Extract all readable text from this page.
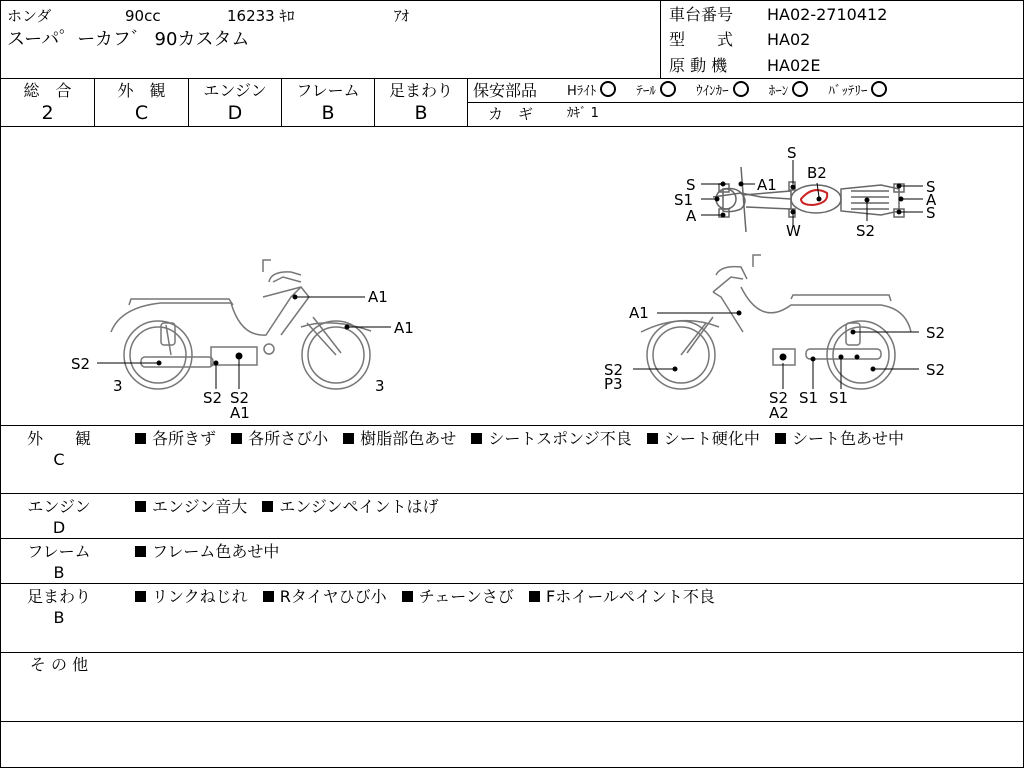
ホンダ	90cc	16233 ｷﾛ	ｱｵ
スーパ゜ーカフ゛ 90カスタム
車台番号 HA02-2710412
型　　式 HA02
原 動 機 HA02E
総　合
2
外　観
C
エンジン
D
フレーム
B
足まわり
B
保安部品 Hﾗｲﾄ	ﾃｰﾙ	ｳｲﾝｶｰ	ﾎｰﾝ	ﾊﾞｯﾃﾘｰ
カ　ギ	ｶｷﾞ 1
S
B2
S	A1
S1
A
W	S2
S
A
S
A1
A1
S2
3
S2 S2
A1
3
A1
S2
P3
S2 S1 S1
A2
S2
S2
外　　観
C
各所きず 各所さび小 樹脂部色あせ シートスポンジ不良 シート硬化中 シート色あせ中
エンジン
D
エンジン音大 エンジンペイントはげ
フレーム
B
フレーム色あせ中
足まわり
B
リンクねじれ Rタイヤひび小 チェーンさび Fホイールペイント不良
そ の 他
